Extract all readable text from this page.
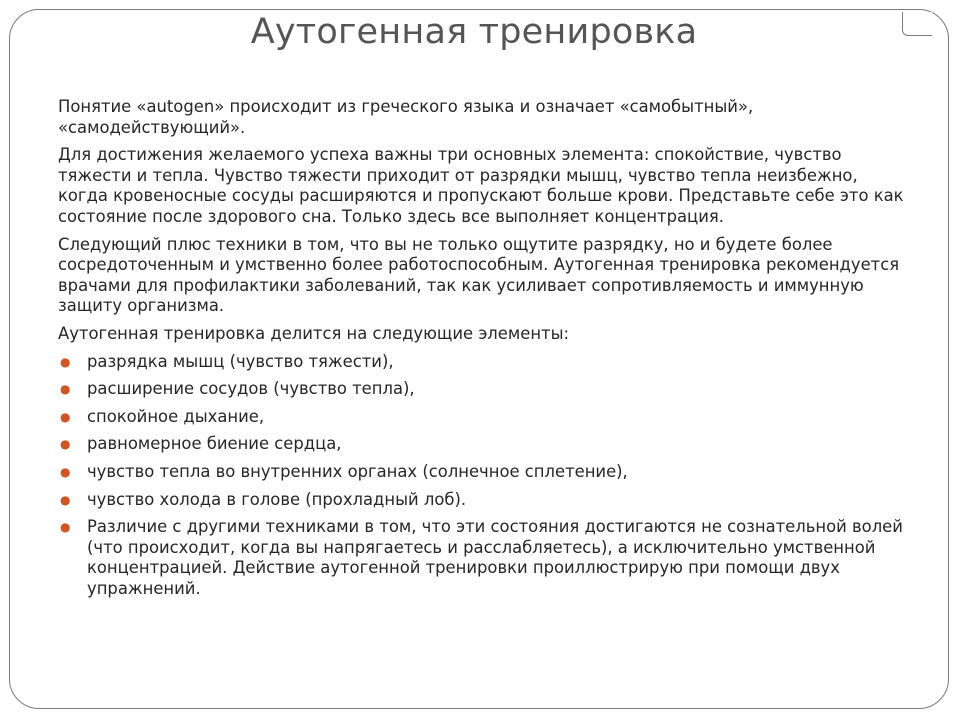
Аутогенная тренировка

Понятие «autogen» происходит из греческого языка и означает «самобытный», «самодействующий».

Для достижения желаемого успеха важны три основных элемента: спокойствие, чувство тяжести и тепла. Чувство тяжести приходит от разрядки мышц, чувство тепла неизбежно, когда кровеносные сосуды расширяются и пропускают больше крови. Представьте себе это как состояние после здорового сна. Только здесь все выполняет концентрация.

Следующий плюс техники в том, что вы не только ощутите разрядку, но и будете более сосредоточенным и умственно более работоспособным. Аутогенная тренировка рекомендуется врачами для профилактики заболеваний, так как усиливает сопротивляемость и иммунную защиту организма.

Аутогенная тренировка делится на следующие элементы:

● разрядка мышц (чувство тяжести),
● расширение сосудов (чувство тепла),
● спокойное дыхание,
● равномерное биение сердца,
● чувство тепла во внутренних органах (солнечное сплетение),
● чувство холода в голове (прохладный лоб).
● Различие с другими техниками в том, что эти состояния достигаются не сознательной волей (что происходит, когда вы напрягаетесь и расслабляетесь), а исключительно умственной концентрацией. Действие аутогенной тренировки проиллюстрирую при помощи двух упражнений.
